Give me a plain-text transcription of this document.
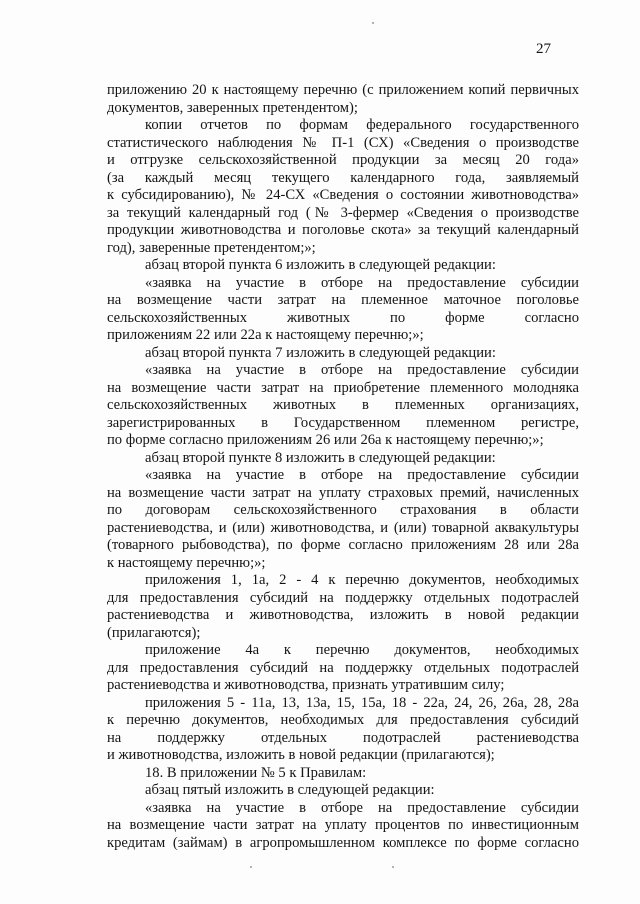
27
приложению 20 к настоящему перечню (с приложением копий первичных
документов, заверенных претендентом);
копии отчетов по формам федерального государственного
статистического наблюдения № П-1 (СХ) «Сведения о производстве
и отгрузке сельскохозяйственной продукции за месяц 20 года»
(за каждый месяц текущего календарного года, заявляемый
к субсидированию), № 24-СХ «Сведения о состоянии животноводства»
за текущий календарный год (№ 3-фермер «Сведения о производстве
продукции животноводства и поголовье скота» за текущий календарный
год), заверенные претендентом;»;
абзац второй пункта 6 изложить в следующей редакции:
«заявка на участие в отборе на предоставление субсидии
на возмещение части затрат на племенное маточное поголовье
сельскохозяйственных животных по форме согласно
приложениям 22 или 22а к настоящему перечню;»;
абзац второй пункта 7 изложить в следующей редакции:
«заявка на участие в отборе на предоставление субсидии
на возмещение части затрат на приобретение племенного молодняка
сельскохозяйственных животных в племенных организациях,
зарегистрированных в Государственном племенном регистре,
по форме согласно приложениям 26 или 26а к настоящему перечню;»;
абзац второй пункте 8 изложить в следующей редакции:
«заявка на участие в отборе на предоставление субсидии
на возмещение части затрат на уплату страховых премий, начисленных
по договорам сельскохозяйственного страхования в области
растениеводства, и (или) животноводства, и (или) товарной аквакультуры
(товарного рыбоводства), по форме согласно приложениям 28 или 28а
к настоящему перечню;»;
приложения 1, 1а, 2 - 4 к перечню документов, необходимых
для предоставления субсидий на поддержку отдельных подотраслей
растениеводства и животноводства, изложить в новой редакции
(прилагаются);
приложение 4а к перечню документов, необходимых
для предоставления субсидий на поддержку отдельных подотраслей
растениеводства и животноводства, признать утратившим силу;
приложения 5 - 11а, 13, 13а, 15, 15а, 18 - 22а, 24, 26, 26а, 28, 28а
к перечню документов, необходимых для предоставления субсидий
на поддержку отдельных подотраслей растениеводства
и животноводства, изложить в новой редакции (прилагаются);
18. В приложении № 5 к Правилам:
абзац пятый изложить в следующей редакции:
«заявка на участие в отборе на предоставление субсидии
на возмещение части затрат на уплату процентов по инвестиционным
кредитам (займам) в агропромышленном комплексе по форме согласно
